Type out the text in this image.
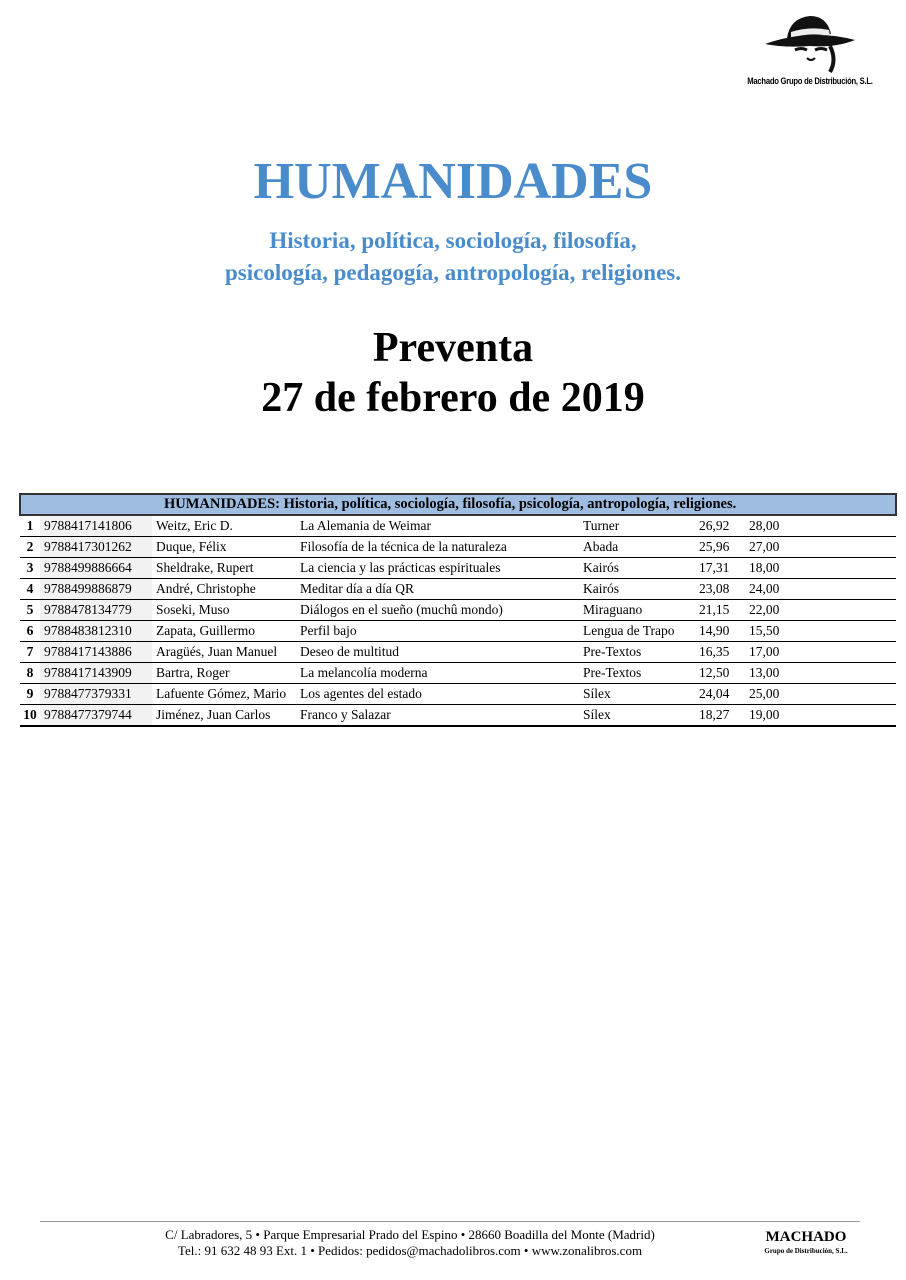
Machado Grupo de Distribución, S.L.
HUMANIDADES
Historia, política, sociología, filosofía,
psicología, pedagogía, antropología, religiones.
Preventa
27 de febrero de 2019
HUMANIDADES: Historia, política, sociología, filosofía, psicología, antropología, religiones.						
1	9788417141806	Weitz, Eric D.	La Alemania de Weimar	Turner	26,92	28,00
2	9788417301262	Duque, Félix	Filosofía de la técnica de la naturaleza	Abada	25,96	27,00
3	9788499886664	Sheldrake, Rupert	La ciencia y las prácticas espirituales	Kairós	17,31	18,00
4	9788499886879	André, Christophe	Meditar día a día QR	Kairós	23,08	24,00
5	9788478134779	Soseki, Muso	Diálogos en el sueño (muchû mondo)	Miraguano	21,15	22,00
6	9788483812310	Zapata, Guillermo	Perfil bajo	Lengua de Trapo	14,90	15,50
7	9788417143886	Aragüés, Juan Manuel	Deseo de multitud	Pre-Textos	16,35	17,00
8	9788417143909	Bartra, Roger	La melancolía moderna	Pre-Textos	12,50	13,00
9	9788477379331	Lafuente Gómez, Mario	Los agentes del estado	Sílex	24,04	25,00
10	9788477379744	Jiménez, Juan Carlos	Franco y Salazar	Sílex	18,27	19,00
C/ Labradores, 5 • Parque Empresarial Prado del Espino • 28660 Boadilla del Monte (Madrid)
Tel.: 91 632 48 93 Ext. 1 • Pedidos: pedidos@machadolibros.com • www.zonalibros.com
MACHADO
Grupo de Distribución, S.L.
